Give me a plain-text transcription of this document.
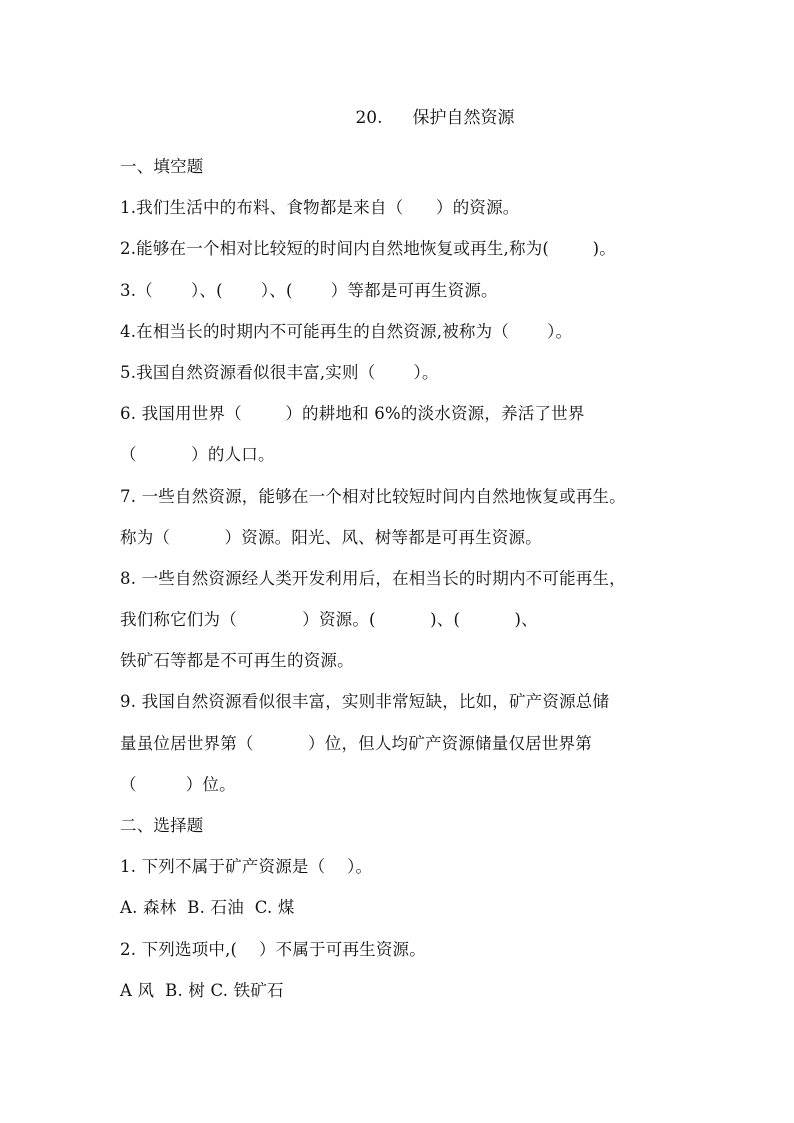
20. 保护自然资源

一、填空题

1.我们生活中的布料、食物都是来自（      ）的资源。

2.能够在一个相对比较短的时间内自然地恢复或再生,称为(        )。

3.（       ）、(       ）、(       ）等都是可再生资源。

4.在相当长的时期内不可能再生的自然资源,被称为（       ）。

5.我国自然资源看似很丰富,实则（       ）。

6. 我国用世界（        ）的耕地和 6%的淡水资源，养活了世界

（          ）的人口。

7. 一些自然资源，能够在一个相对比较短时间内自然地恢复或再生。

称为（          ）资源。阳光、风、树等都是可再生资源。

8. 一些自然资源经人类开发利用后，在相当长的时期内不可能再生，

我们称它们为（            ）资源。(          )、(          )、

铁矿石等都是不可再生的资源。

9. 我国自然资源看似很丰富，实则非常短缺，比如，矿产资源总储

量虽位居世界第（          ）位，但人均矿产资源储量仅居世界第

（         ）位。

二、选择题

1. 下列不属于矿产资源是（    ）。

A. 森林  B. 石油  C. 煤

2. 下列选项中,(    ）不属于可再生资源。

A 风  B. 树 C. 铁矿石
